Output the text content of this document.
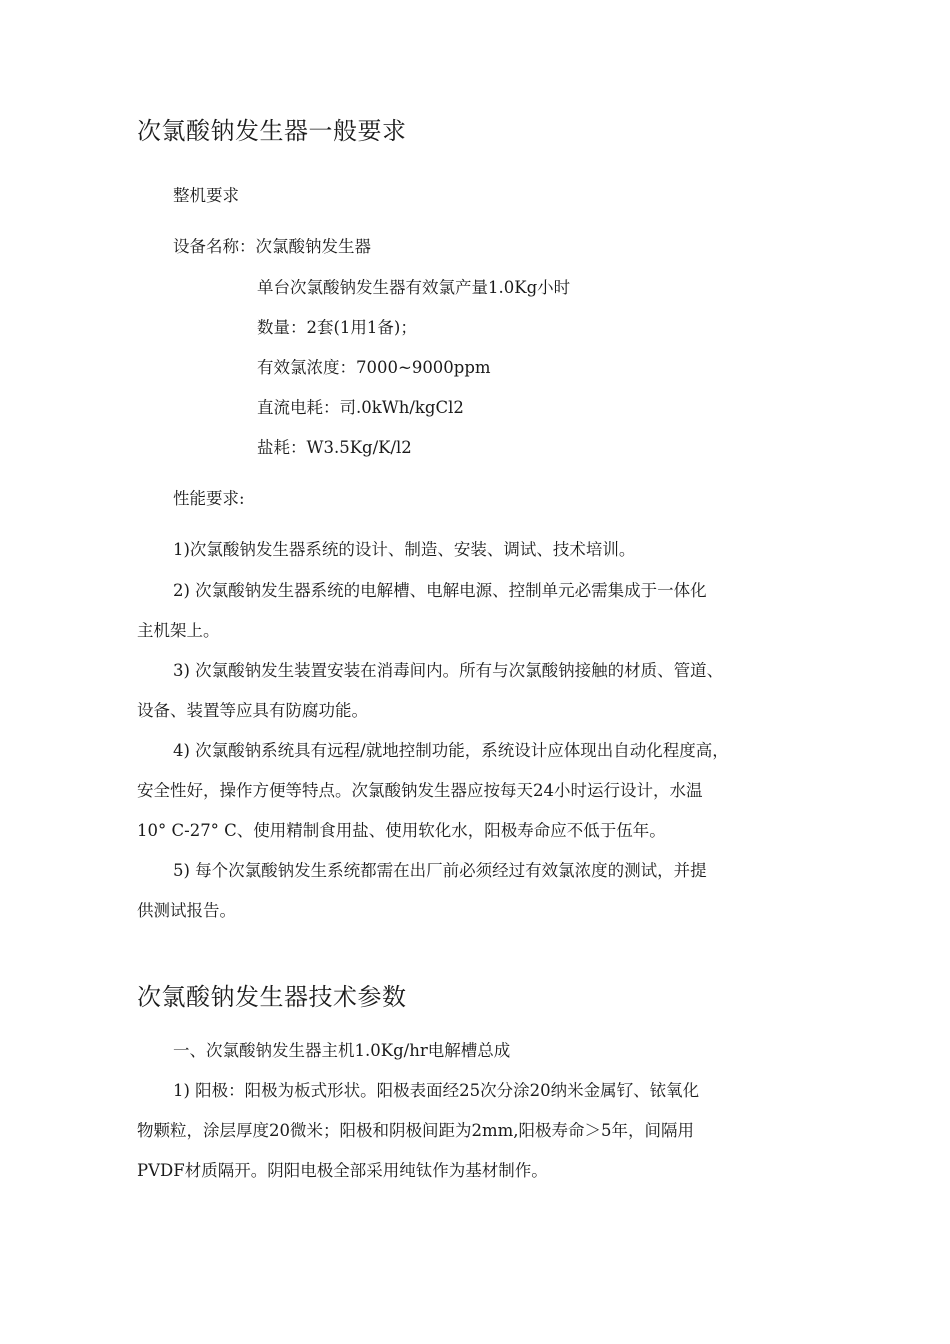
次氯酸钠发生器一般要求
整机要求
设备名称：次氯酸钠发生器
单台次氯酸钠发生器有效氯产量1.0Kg小时
数量：2套(1用1备)；
有效氯浓度：7000~9000ppm
直流电耗：司.0kWh/kgCl2
盐耗：W3.5Kg/K/l2
性能要求:
1)次氯酸钠发生器系统的设计、制造、安装、调试、技术培训。
2) 次氯酸钠发生器系统的电解槽、电解电源、控制单元必需集成于一体化
主机架上。
3) 次氯酸钠发生装置安装在消毒间内。所有与次氯酸钠接触的材质、管道、
设备、装置等应具有防腐功能。
4) 次氯酸钠系统具有远程/就地控制功能，系统设计应体现出自动化程度高，
安全性好，操作方便等特点。次氯酸钠发生器应按每天24小时运行设计，水温
10° C-27° C、使用精制食用盐、使用软化水，阳极寿命应不低于伍年。
5) 每个次氯酸钠发生系统都需在出厂前必须经过有效氯浓度的测试，并提
供测试报告。
次氯酸钠发生器技术参数
一、次氯酸钠发生器主机1.0Kg/hr电解槽总成
1) 阳极：阳极为板式形状。阳极表面经25次分涂20纳米金属钌、铱氧化
物颗粒，涂层厚度20微米；阳极和阴极间距为2mm,阳极寿命＞5年，间隔用
PVDF材质隔开。阴阳电极全部采用纯钛作为基材制作。
